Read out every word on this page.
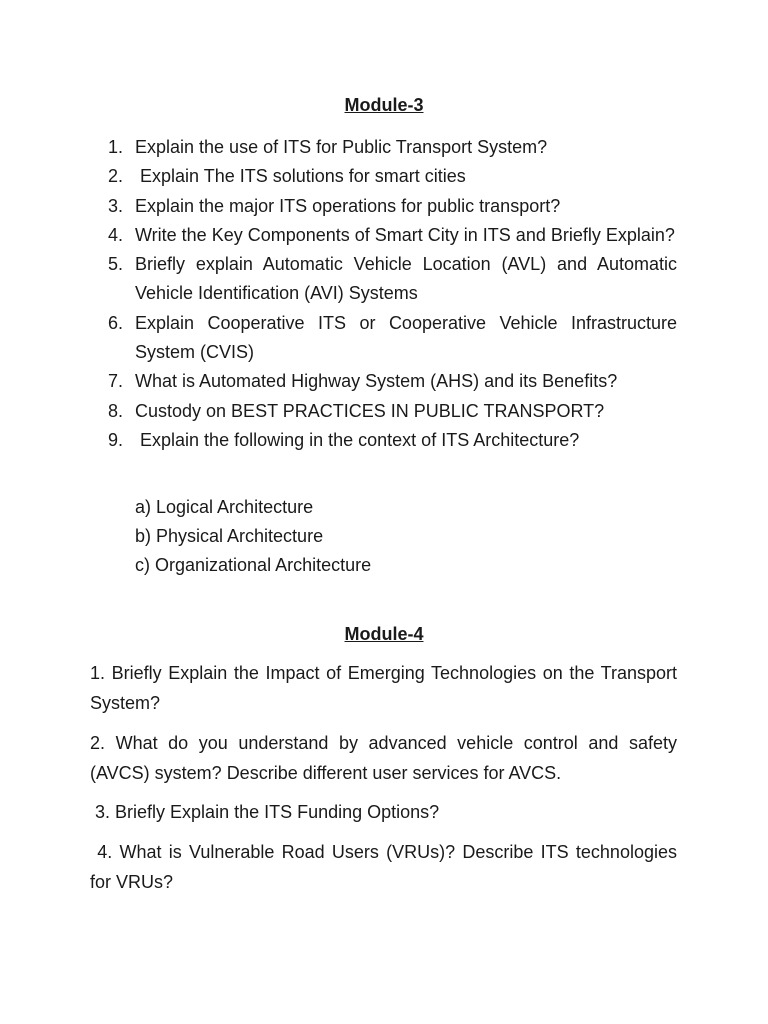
Module-3
1. Explain the use of ITS for Public Transport System?
2. Explain The ITS solutions for smart cities
3. Explain the major ITS operations for public transport?
4. Write the Key Components of Smart City in ITS and Briefly Explain?
5. Briefly explain Automatic Vehicle Location (AVL) and Automatic Vehicle Identification (AVI) Systems
6. Explain Cooperative ITS or Cooperative Vehicle Infrastructure System (CVIS)
7. What is Automated Highway System (AHS) and its Benefits?
8. Custody on BEST PRACTICES IN PUBLIC TRANSPORT?
9. Explain the following in the context of ITS Architecture?
a) Logical Architecture
b) Physical Architecture
c) Organizational Architecture
Module-4

1. Briefly Explain the Impact of Emerging Technologies on the Transport System?

2. What do you understand by advanced vehicle control and safety (AVCS) system? Describe different user services for AVCS.

3. Briefly Explain the ITS Funding Options?

4. What is Vulnerable Road Users (VRUs)? Describe ITS technologies for VRUs?
